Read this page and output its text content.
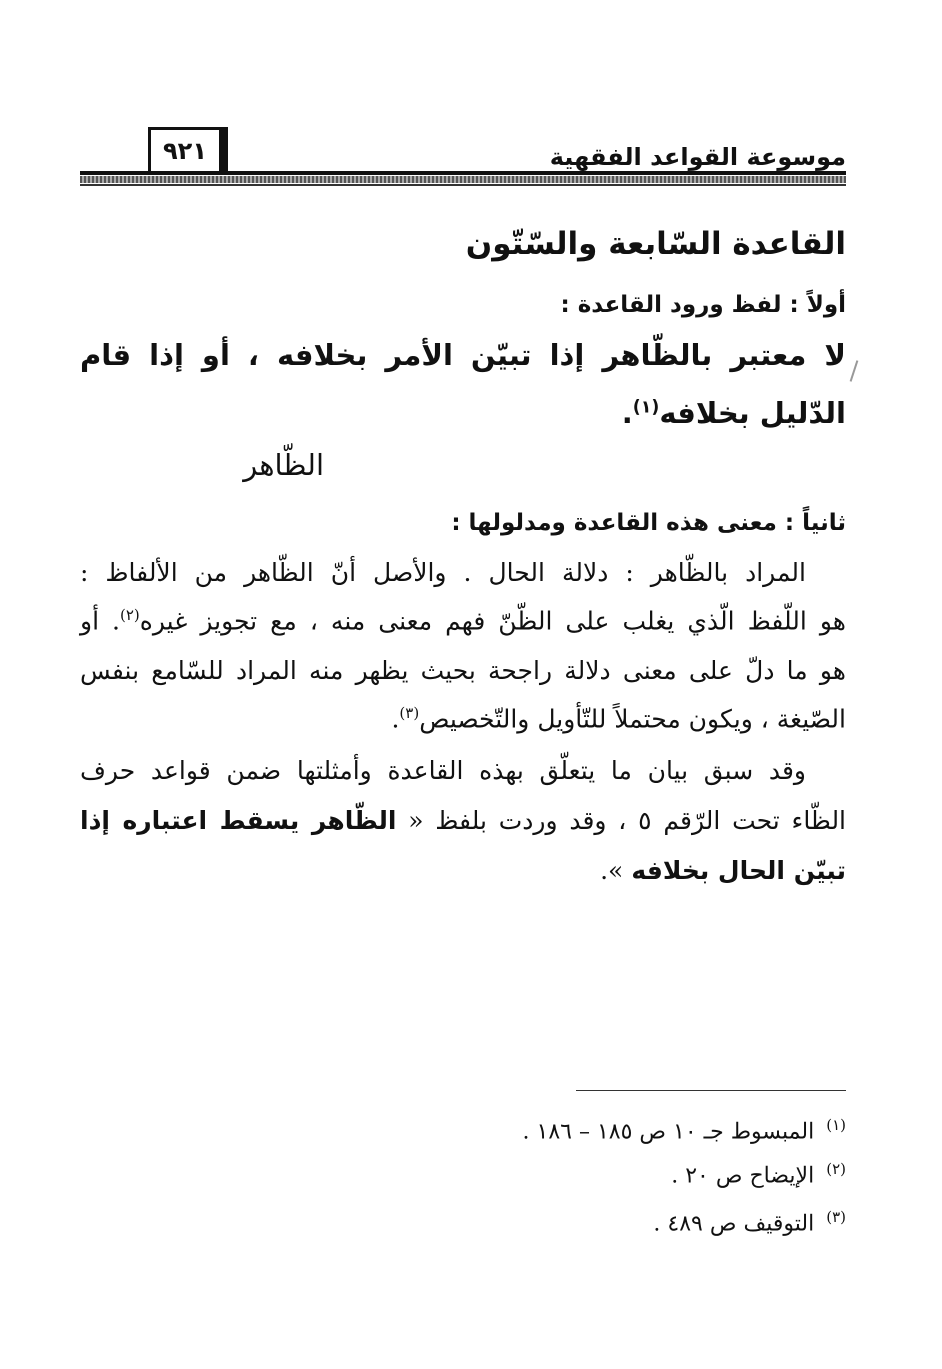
موسوعة القواعد الفقهية
٩٢١
القاعدة السّابعة والسّتّون
أولاً : لفظ ورود القاعدة :
لا معتبر بالظّاهر إذا تبيّن الأمر بخلافه ، أو إذا قام
الدّليل بخلافه$^{(١)}$.
الظّاهر
ثانياً : معنى هذه القاعدة ومدلولها :
المراد بالظّاهر : دلالة الحال . والأصل أنّ الظّاهر من الألفاظ :
هو اللّفظ الّذي يغلب على الظّنّ فهم معنى منه ، مع تجويز غيره$^{(٢)}$. أو
هو ما دلّ على معنى دلالة راجحة بحيث يظهر منه المراد للسّامع بنفس
الصّيغة ، ويكون محتملاً للتّأويل والتّخصيص$^{(٣)}$.
وقد سبق بيان ما يتعلّق بهذه القاعدة وأمثلتها ضمن قواعد حرف
الظّاء تحت الرّقم ٥ ، وقد وردت بلفظ « الظّاهر يسقط اعتباره إذا
تبيّن الحال بخلافه ».
$^{(١)}$المبسوط جـ ١٠ ص ١٨٥ – ١٨٦ .
$^{(٢)}$الإيضاح ص ٢٠ .
$^{(٣)}$التوقيف ص ٤٨٩ .
